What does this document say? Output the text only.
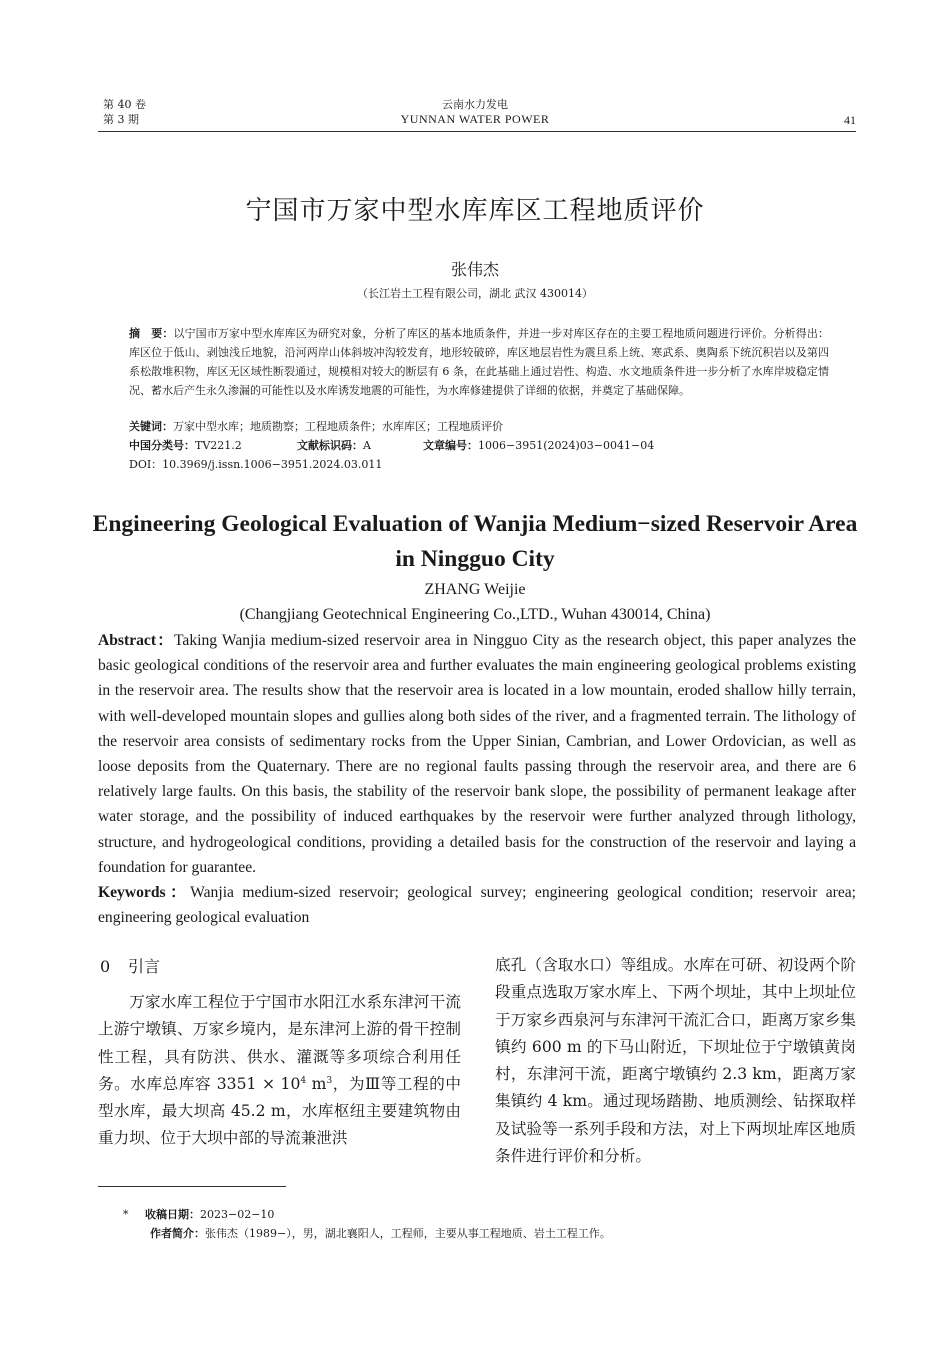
第 40 卷
第 3 期
云南水力发电
YUNNAN WATER POWER	41
宁国市万家中型水库库区工程地质评价
张伟杰
（长江岩土工程有限公司，湖北 武汉 430014）
摘　要：以宁国市万家中型水库库区为研究对象，分析了库区的基本地质条件，并进一步对库区存在的主要工程地质问题进行评价。分析得出：库区位于低山、剥蚀浅丘地貌，沿河两岸山体斜坡冲沟较发育，地形较破碎，库区地层岩性为震旦系上统、寒武系、奥陶系下统沉积岩以及第四系松散堆积物，库区无区域性断裂通过，规模相对较大的断层有 6 条，在此基础上通过岩性、构造、水文地质条件进一步分析了水库岸坡稳定情况、蓄水后产生永久渗漏的可能性以及水库诱发地震的可能性，为水库修建提供了详细的依据，并奠定了基础保障。
关键词：万家中型水库；地质勘察；工程地质条件；水库库区；工程地质评价
中国分类号：TV221.2	文献标识码：A	文章编号：1006−3951(2024)03−0041−04
DOI：10.3969/j.issn.1006−3951.2024.03.011
Engineering Geological Evaluation of Wanjia Medium−sized Reservoir Area
in Ningguo City
ZHANG Weijie
(Changjiang Geotechnical Engineering Co.,LTD., Wuhan 430014, China)
Abstract：Taking Wanjia medium-sized reservoir area in Ningguo City as the research object, this paper analyzes the basic geological conditions of the reservoir area and further evaluates the main engineering geological problems existing in the reservoir area. The results show that the reservoir area is located in a low mountain, eroded shallow hilly terrain, with well-developed mountain slopes and gullies along both sides of the river, and a fragmented terrain. The lithology of the reservoir area consists of sedimentary rocks from the Upper Sinian, Cambrian, and Lower Ordovician, as well as loose deposits from the Quaternary. There are no regional faults passing through the reservoir area, and there are 6 relatively large faults. On this basis, the stability of the reservoir bank slope, the possibility of permanent leakage after water storage, and the possibility of induced earthquakes by the reservoir were further analyzed through lithology, structure, and hydrogeological conditions, providing a detailed basis for the construction of the reservoir and laying a foundation for guarantee.
Keywords：Wanjia medium-sized reservoir; geological survey; engineering geological condition; reservoir area; engineering geological evaluation
0 引言

万家水库工程位于宁国市水阳江水系东津河干流上游宁墩镇、万家乡境内，是东津河上游的骨干控制性工程，具有防洪、供水、灌溉等多项综合利用任务。水库总库容 $3351 \times 10^4$ $m^3$，为Ⅲ等工程的中型水库，最大坝高 45.2 m，水库枢纽主要建筑物由重力坝、位于大坝中部的导流兼泄洪

底孔（含取水口）等组成。水库在可研、初设两个阶段重点选取万家水库上、下两个坝址，其中上坝址位于万家乡西泉河与东津河干流汇合口，距离万家乡集镇约 600 m 的下马山附近，下坝址位于宁墩镇黄岗村，东津河干流，距离宁墩镇约 2.3 km，距离万家集镇约 4 km。通过现场踏勘、地质测绘、钻探取样及试验等一系列手段和方法，对上下两坝址库区地质条件进行评价和分析。

* 收稿日期：2023−02−10
作者简介：张伟杰（1989−），男，湖北襄阳人，工程师，主要从事工程地质、岩土工程工作。
